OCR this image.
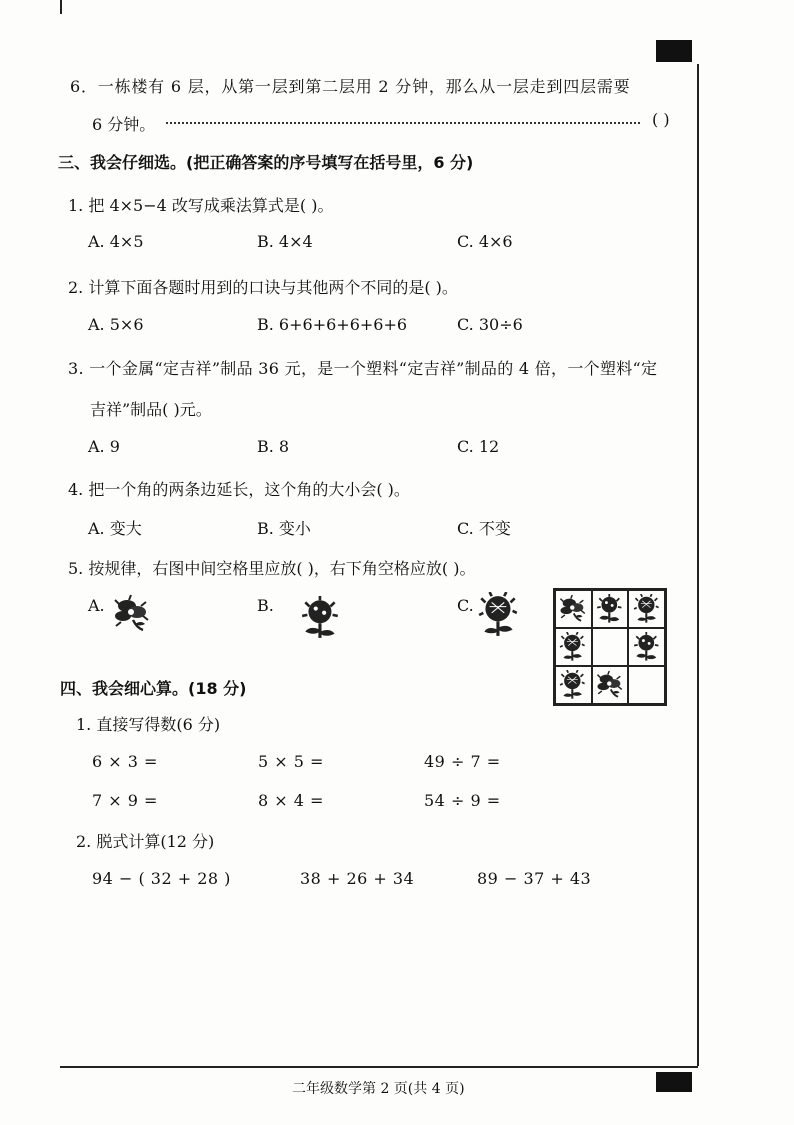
6．一栋楼有 6 层，从第一层到第二层用 2 分钟，那么从一层走到四层需要
6 分钟。	( )
三、我会仔细选。(把正确答案的序号填写在括号里，6 分)
1. 把 4×5−4 改写成乘法算式是( )。
A. 4×5	B. 4×4	C. 4×6
2. 计算下面各题时用到的口诀与其他两个不同的是( )。
A. 5×6	B. 6+6+6+6+6+6	C. 30÷6
3. 一个金属“定吉祥”制品 36 元，是一个塑料“定吉祥”制品的 4 倍，一个塑料“定
吉祥”制品( )元。
A. 9	B. 8	C. 12
4. 把一个角的两条边延长，这个角的大小会( )。
A. 变大	B. 变小	C. 不变
5. 按规律，右图中间空格里应放( )，右下角空格应放( )。
A.	B.	C.
四、我会细心算。(18 分)
1. 直接写得数(6 分)
6 × 3 =	5 × 5 =	49 ÷ 7 =
7 × 9 =	8 × 4 =	54 ÷ 9 =
2. 脱式计算(12 分)
94 − ( 32 + 28 )	38 + 26 + 34	89 − 37 + 43
二年级数学第 2 页(共 4 页)
